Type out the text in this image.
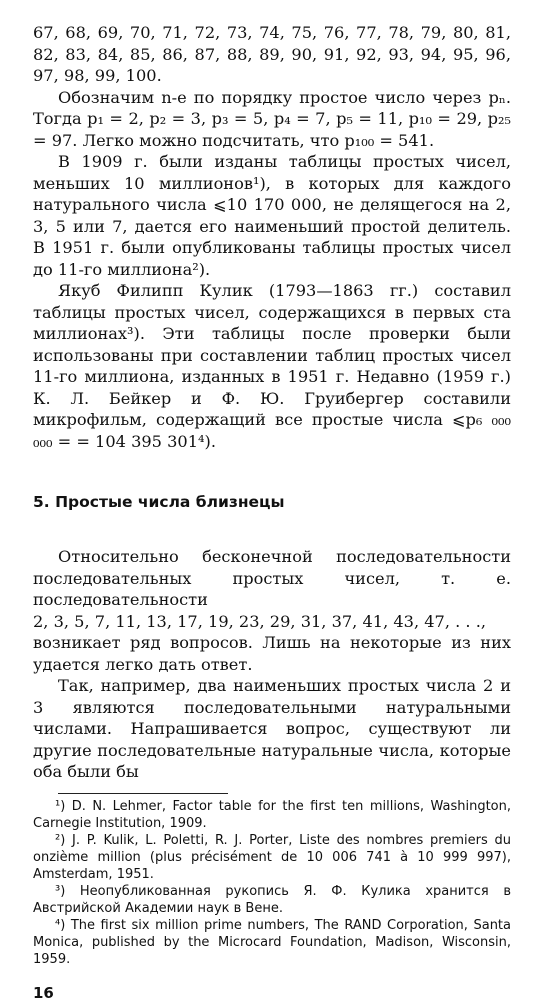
67, 68, 69, 70, 71, 72, 73, 74, 75, 76, 77, 78, 79, 80, 81, 82, 83, 84, 85, 86, 87, 88, 89, 90, 91, 92, 93, 94, 95, 96, 97, 98, 99, 100.

Обозначим n-е по порядку простое число через pₙ. Тогда p₁ = 2, p₂ = 3, p₃ = 5, p₄ = 7, p₅ = 11, p₁₀ = 29, p₂₅ = 97. Легко можно подсчитать, что p₁₀₀ = 541.

В 1909 г. были изданы таблицы простых чисел, меньших 10 миллионов¹), в которых для каждого натурального числа ⩽10 170 000, не делящегося на 2, 3, 5 или 7, дается его наименьший простой делитель. В 1951 г. были опубликованы таблицы простых чисел до 11-го миллиона²).

Якуб Филипп Кулик (1793—1863 гг.) составил таблицы простых чисел, содержащихся в первых ста миллионах³). Эти таблицы после проверки были использованы при составлении таблиц простых чисел 11-го миллиона, изданных в 1951 г. Недавно (1959 г.) К. Л. Бейкер и Ф. Ю. Груибергер составили микрофильм, содержащий все простые числа ⩽p₆ ₀₀₀ ₀₀₀ = = 104 395 301⁴).

5. Простые числа близнецы

Относительно бесконечной последовательности последовательных простых чисел, т. е. последовательности

2, 3, 5, 7, 11, 13, 17, 19, 23, 29, 31, 37, 41, 43, 47, . . .,

возникает ряд вопросов. Лишь на некоторые из них удается легко дать ответ.

Так, например, два наименьших простых числа 2 и 3 являются последовательными натуральными числами. Напрашивается вопрос, существуют ли другие последовательные натуральные числа, которые оба были бы

¹) D. N. Lehmer, Factor table for the first ten millions, Washington, Carnegie Institution, 1909.

²) J. P. Kulik, L. Poletti, R. J. Porter, Liste des nombres premiers du onzième million (plus précisément de 10 006 741 à 10 999 997), Amsterdam, 1951.

³) Неопубликованная рукопись Я. Ф. Кулика хранится в Австрийской Академии наук в Вене.

⁴) The first six million prime numbers, The RAND Corporation, Santa Monica, published by the Microcard Foundation, Madison, Wisconsin, 1959.

16
